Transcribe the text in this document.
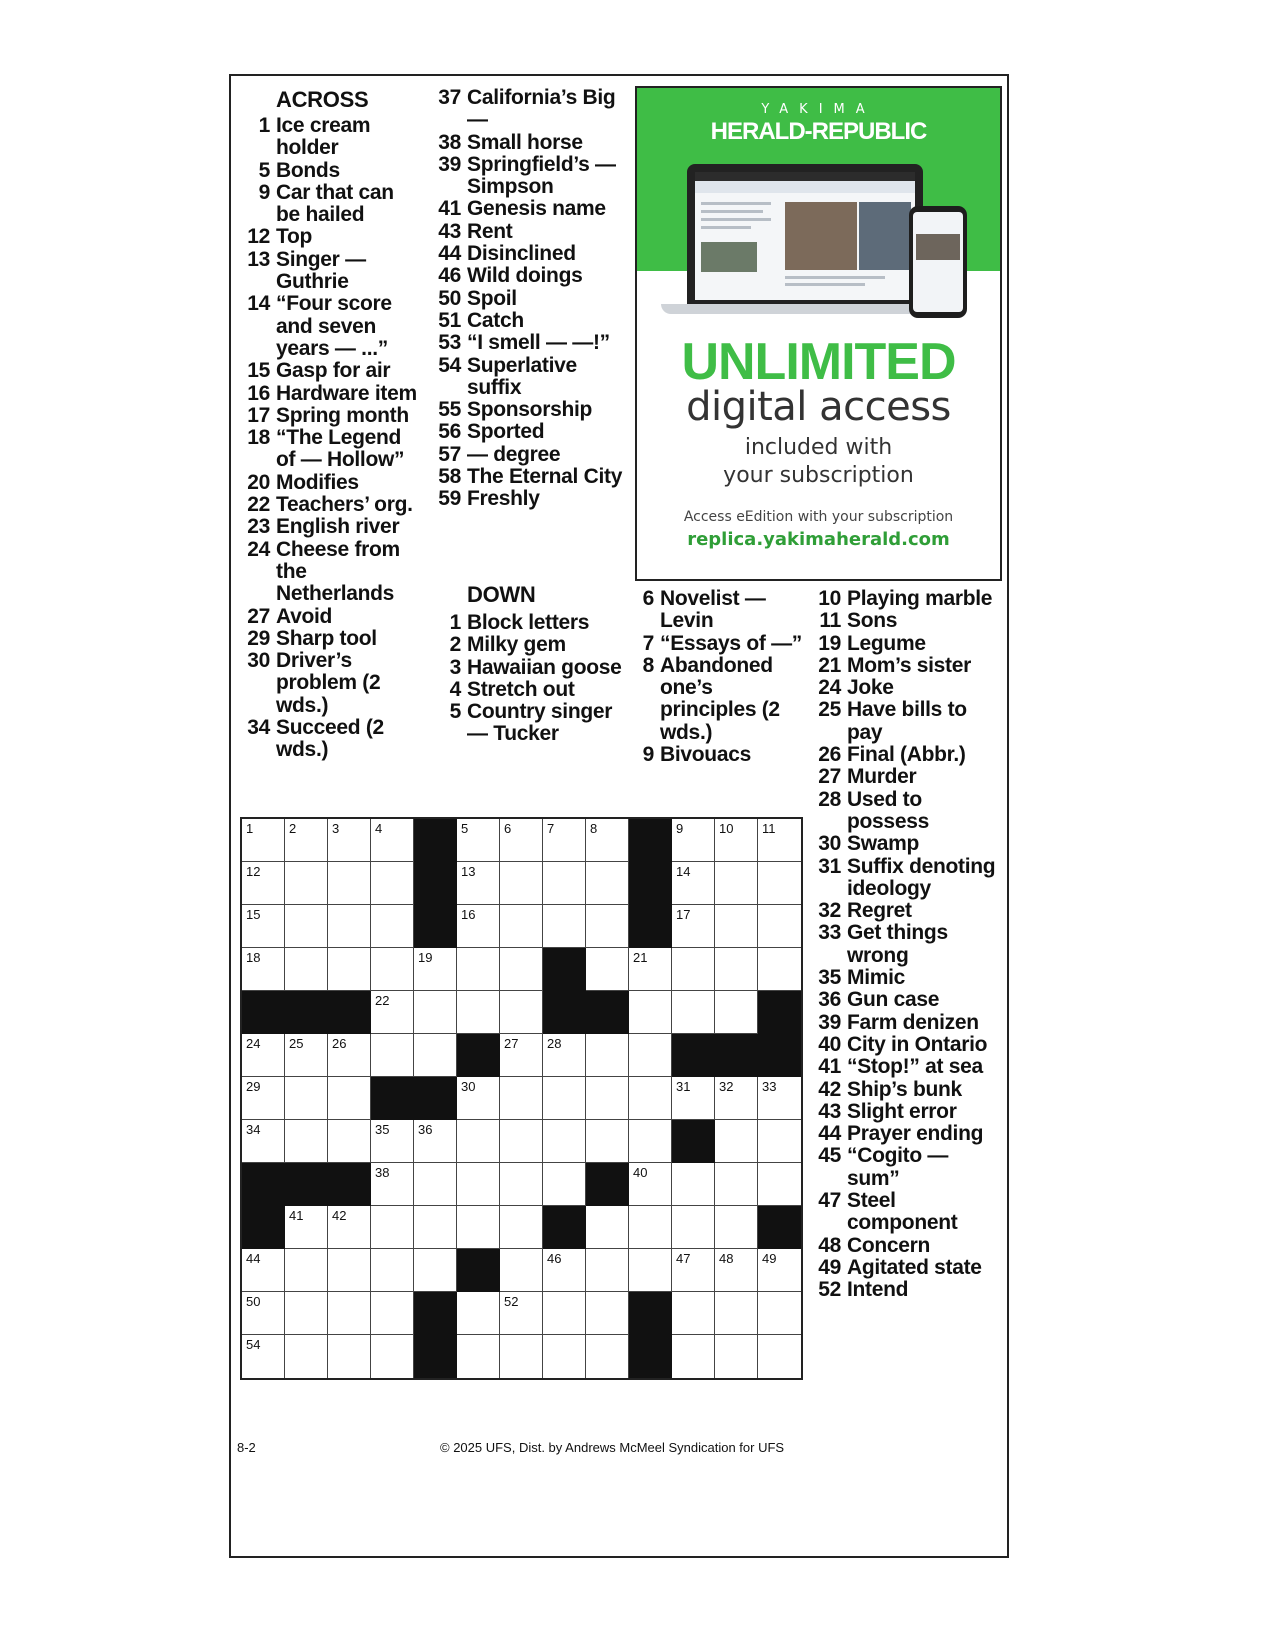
ACROSS
1 Ice cream holder
5 Bonds
9 Car that can be hailed
12 Top
13 Singer — Guthrie
14 “Four score and seven years — ...”
15 Gasp for air
16 Hardware item
17 Spring month
18 “The Legend of — Hollow”
20 Modifies
22 Teachers’ org.
23 English river
24 Cheese from the Netherlands
27 Avoid
29 Sharp tool
30 Driver’s problem (2 wds.)
34 Succeed (2 wds.)
37 California’s Big —
38 Small horse
39 Springfield’s — Simpson
41 Genesis name
43 Rent
44 Disinclined
46 Wild doings
50 Spoil
51 Catch
53 “I smell — —!”
54 Superlative suffix
55 Sponsorship
56 Sported
57 — degree
58 The Eternal City
59 Freshly
DOWN
1 Block letters
2 Milky gem
3 Hawaiian goose
4 Stretch out
5 Country singer — Tucker
6 Novelist — Levin
7 “Essays of —”
8 Abandoned one’s principles (2 wds.)
9 Bivouacs
10 Playing marble
11 Sons
19 Legume
21 Mom’s sister
24 Joke
25 Have bills to pay
26 Final (Abbr.)
27 Murder
28 Used to possess
30 Swamp
31 Suffix denoting ideology
32 Regret
33 Get things wrong
35 Mimic
36 Gun case
39 Farm denizen
40 City in Ontario
41 “Stop!” at sea
42 Ship’s bunk
43 Slight error
44 Prayer ending
45 “Cogito — sum”
47 Steel component
48 Concern
49 Agitated state
52 Intend
YAKIMA
HERALD-REPUBLIC
UNLIMITED
digital access
included with
your subscription
Access eEdition with your subscription
replica.yakimaherald.com
1	2	3	4	5	6	7	8	9	10 11
12	13	14
15	16	17
18	19	21
22
24 25 26	27 28
29	30	31 32 33
34	35 36
38	40
41 42
44	46	47 48 49
50	52
54
8-2	© 2025 UFS, Dist. by Andrews McMeel Syndication for UFS
